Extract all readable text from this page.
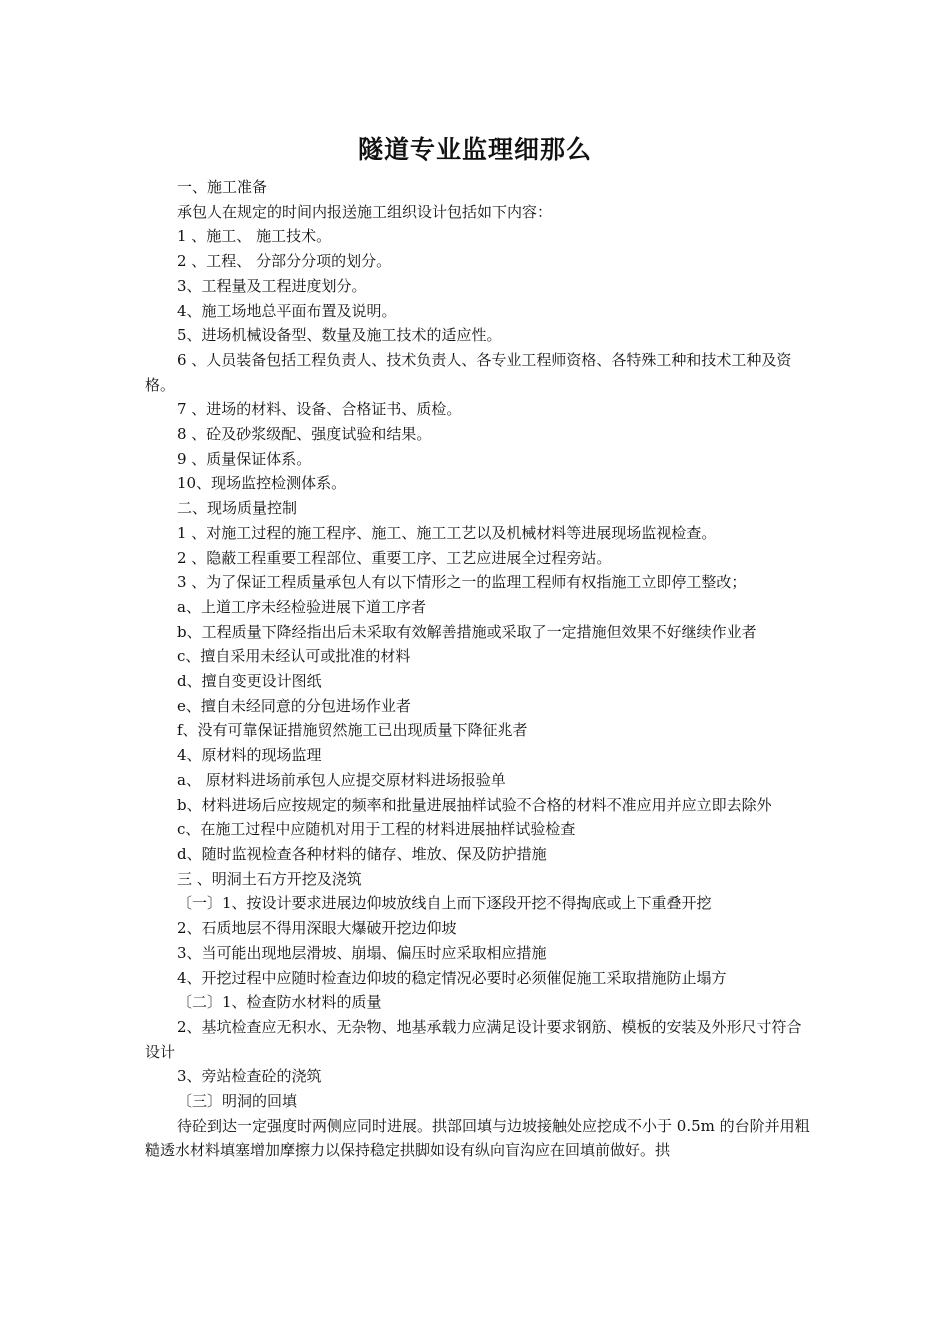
隧道专业监理细那么

一、施工准备

承包人在规定的时间内报送施工组织设计包括如下内容：

1 、施工、 施工技术。

2 、工程、 分部分分项的划分。

3、工程量及工程进度划分。

4、施工场地总平面布置及说明。

5、进场机械设备型、数量及施工技术的适应性。

6 、人员装备包括工程负责人、技术负责人、各专业工程师资格、各特殊工种和技术工种及资格。

7 、进场的材料、设备、合格证书、质检。

8 、砼及砂浆级配、强度试验和结果。

9 、质量保证体系。

10、现场监控检测体系。

二、现场质量控制

1 、对施工过程的施工程序、施工、施工工艺以及机械材料等进展现场监视检查。

2 、隐蔽工程重要工程部位、重要工序、工艺应进展全过程旁站。

3 、为了保证工程质量承包人有以下情形之一的监理工程师有权指施工立即停工整改；

a、上道工序未经检验进展下道工序者

b、工程质量下降经指出后未采取有效解善措施或采取了一定措施但效果不好继续作业者

c、擅自采用未经认可或批准的材料

d、擅自变更设计图纸

e、擅自未经同意的分包进场作业者

f、没有可靠保证措施贸然施工已出现质量下降征兆者

4、原材料的现场监理

a、 原材料进场前承包人应提交原材料进场报验单

b、材料进场后应按规定的频率和批量进展抽样试验不合格的材料不准应用并应立即去除外

c、在施工过程中应随机对用于工程的材料进展抽样试验检查

d、随时监视检查各种材料的储存、堆放、保及防护措施

三 、明洞土石方开挖及浇筑

〔一〕1、按设计要求进展边仰坡放线自上而下逐段开挖不得掏底或上下重叠开挖

2、石质地层不得用深眼大爆破开挖边仰坡

3、当可能出现地层滑坡、崩塌、偏压时应采取相应措施

4、开挖过程中应随时检查边仰坡的稳定情况必要时必须催促施工采取措施防止塌方

〔二〕1、检查防水材料的质量

2、基坑检查应无积水、无杂物、地基承载力应满足设计要求钢筋、模板的安装及外形尺寸符合设计

3、旁站检查砼的浇筑

〔三〕明洞的回填

待砼到达一定强度时两侧应同时进展。拱部回填与边坡接触处应挖成不小于 0.5m 的台阶并用粗糙透水材料填塞增加摩擦力以保持稳定拱脚如设有纵向盲沟应在回填前做好。拱
